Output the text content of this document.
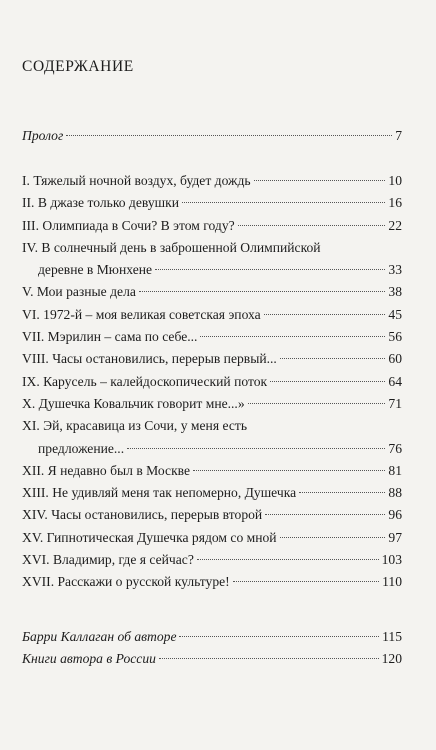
СОДЕРЖАНИЕ
Пролог	7
I. Тяжелый ночной воздух, будет дождь	10
II. В джазе только девушки	16
III. Олимпиада в Сочи? В этом году?	22
IV. В солнечный день в заброшенной Олимпийской
деревне в Мюнхене	33
V. Мои разные дела	38
VI. 1972-й – моя великая советская эпоха	45
VII. Мэрилин – сама по себе...	56
VIII. Часы остановились, перерыв первый...	60
IX. Карусель – калейдоскопический поток	64
X. Душечка Ковальчик говорит мне...»	71
XI. Эй, красавица из Сочи, у меня есть
предложение...	76
XII. Я недавно был в Москве	81
XIII. Не удивляй меня так непомерно, Душечка	88
XIV. Часы остановились, перерыв второй	96
XV. Гипнотическая Душечка рядом со мной	97
XVI. Владимир, где я сейчас?	103
XVII. Расскажи о русской культуре!	110
Барри Каллаган об авторе	115
Книги автора в России	120
